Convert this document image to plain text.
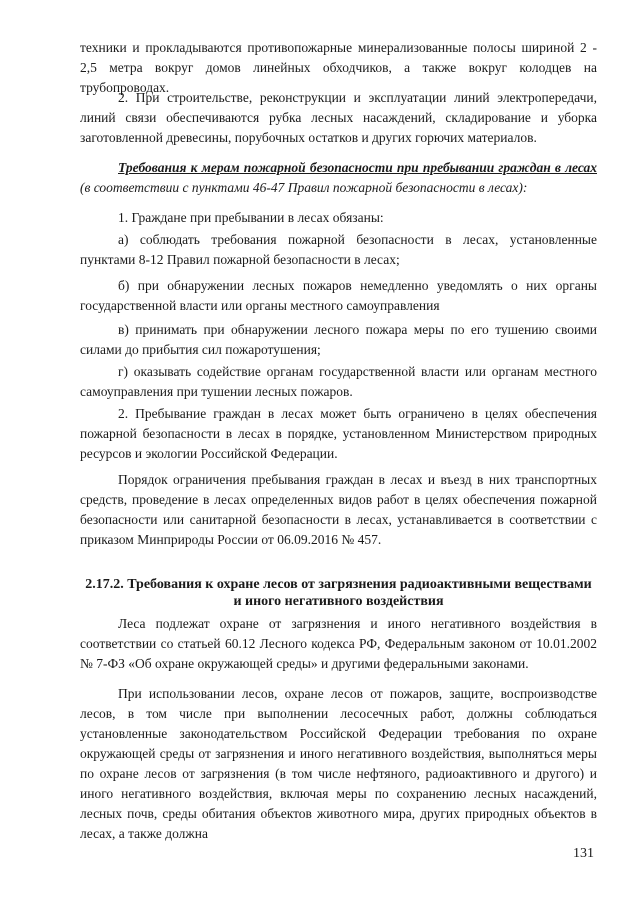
техники и прокладываются противопожарные минерализованные полосы шириной 2 - 2,5 метра вокруг домов линейных обходчиков, а также вокруг колодцев на трубопроводах.

2. При строительстве, реконструкции и эксплуатации линий электропередачи, линий связи обеспечиваются рубка лесных насаждений, складирование и уборка заготовленной древесины, порубочных остатков и других горючих материалов.

Требования к мерам пожарной безопасности при пребывании граждан в лесах (в соответствии с пунктами 46-47 Правил пожарной безопасности в лесах):

1. Граждане при пребывании в лесах обязаны:

а) соблюдать требования пожарной безопасности в лесах, установленные пунктами 8-12 Правил пожарной безопасности в лесах;

б) при обнаружении лесных пожаров немедленно уведомлять о них органы государственной власти или органы местного самоуправления

в) принимать при обнаружении лесного пожара меры по его тушению своими силами до прибытия сил пожаротушения;

г) оказывать содействие органам государственной власти или органам местного самоуправления при тушении лесных пожаров.

2. Пребывание граждан в лесах может быть ограничено в целях обеспечения пожарной безопасности в лесах в порядке, установленном Министерством природных ресурсов и экологии Российской Федерации.

Порядок ограничения пребывания граждан в лесах и въезд в них транспортных средств, проведение в лесах определенных видов работ в целях обеспечения пожарной безопасности или санитарной безопасности в лесах, устанавливается в соответствии с приказом Минприроды России от 06.09.2016 № 457.

2.17.2. Требования к охране лесов от загрязнения радиоактивными веществами
и иного негативного воздействия

Леса подлежат охране от загрязнения и иного негативного воздействия в соответствии со статьей 60.12 Лесного кодекса РФ, Федеральным законом от 10.01.2002 № 7-ФЗ «Об охране окружающей среды» и другими федеральными законами.

При использовании лесов, охране лесов от пожаров, защите, воспроизводстве лесов, в том числе при выполнении лесосечных работ, должны соблюдаться установленные законодательством Российской Федерации требования по охране окружающей среды от загрязнения и иного негативного воздействия, выполняться меры по охране лесов от загрязнения (в том числе нефтяного, радиоактивного и другого) и иного негативного воздействия, включая меры по сохранению лесных насаждений, лесных почв, среды обитания объектов животного мира, других природных объектов в лесах, а также должна

131
